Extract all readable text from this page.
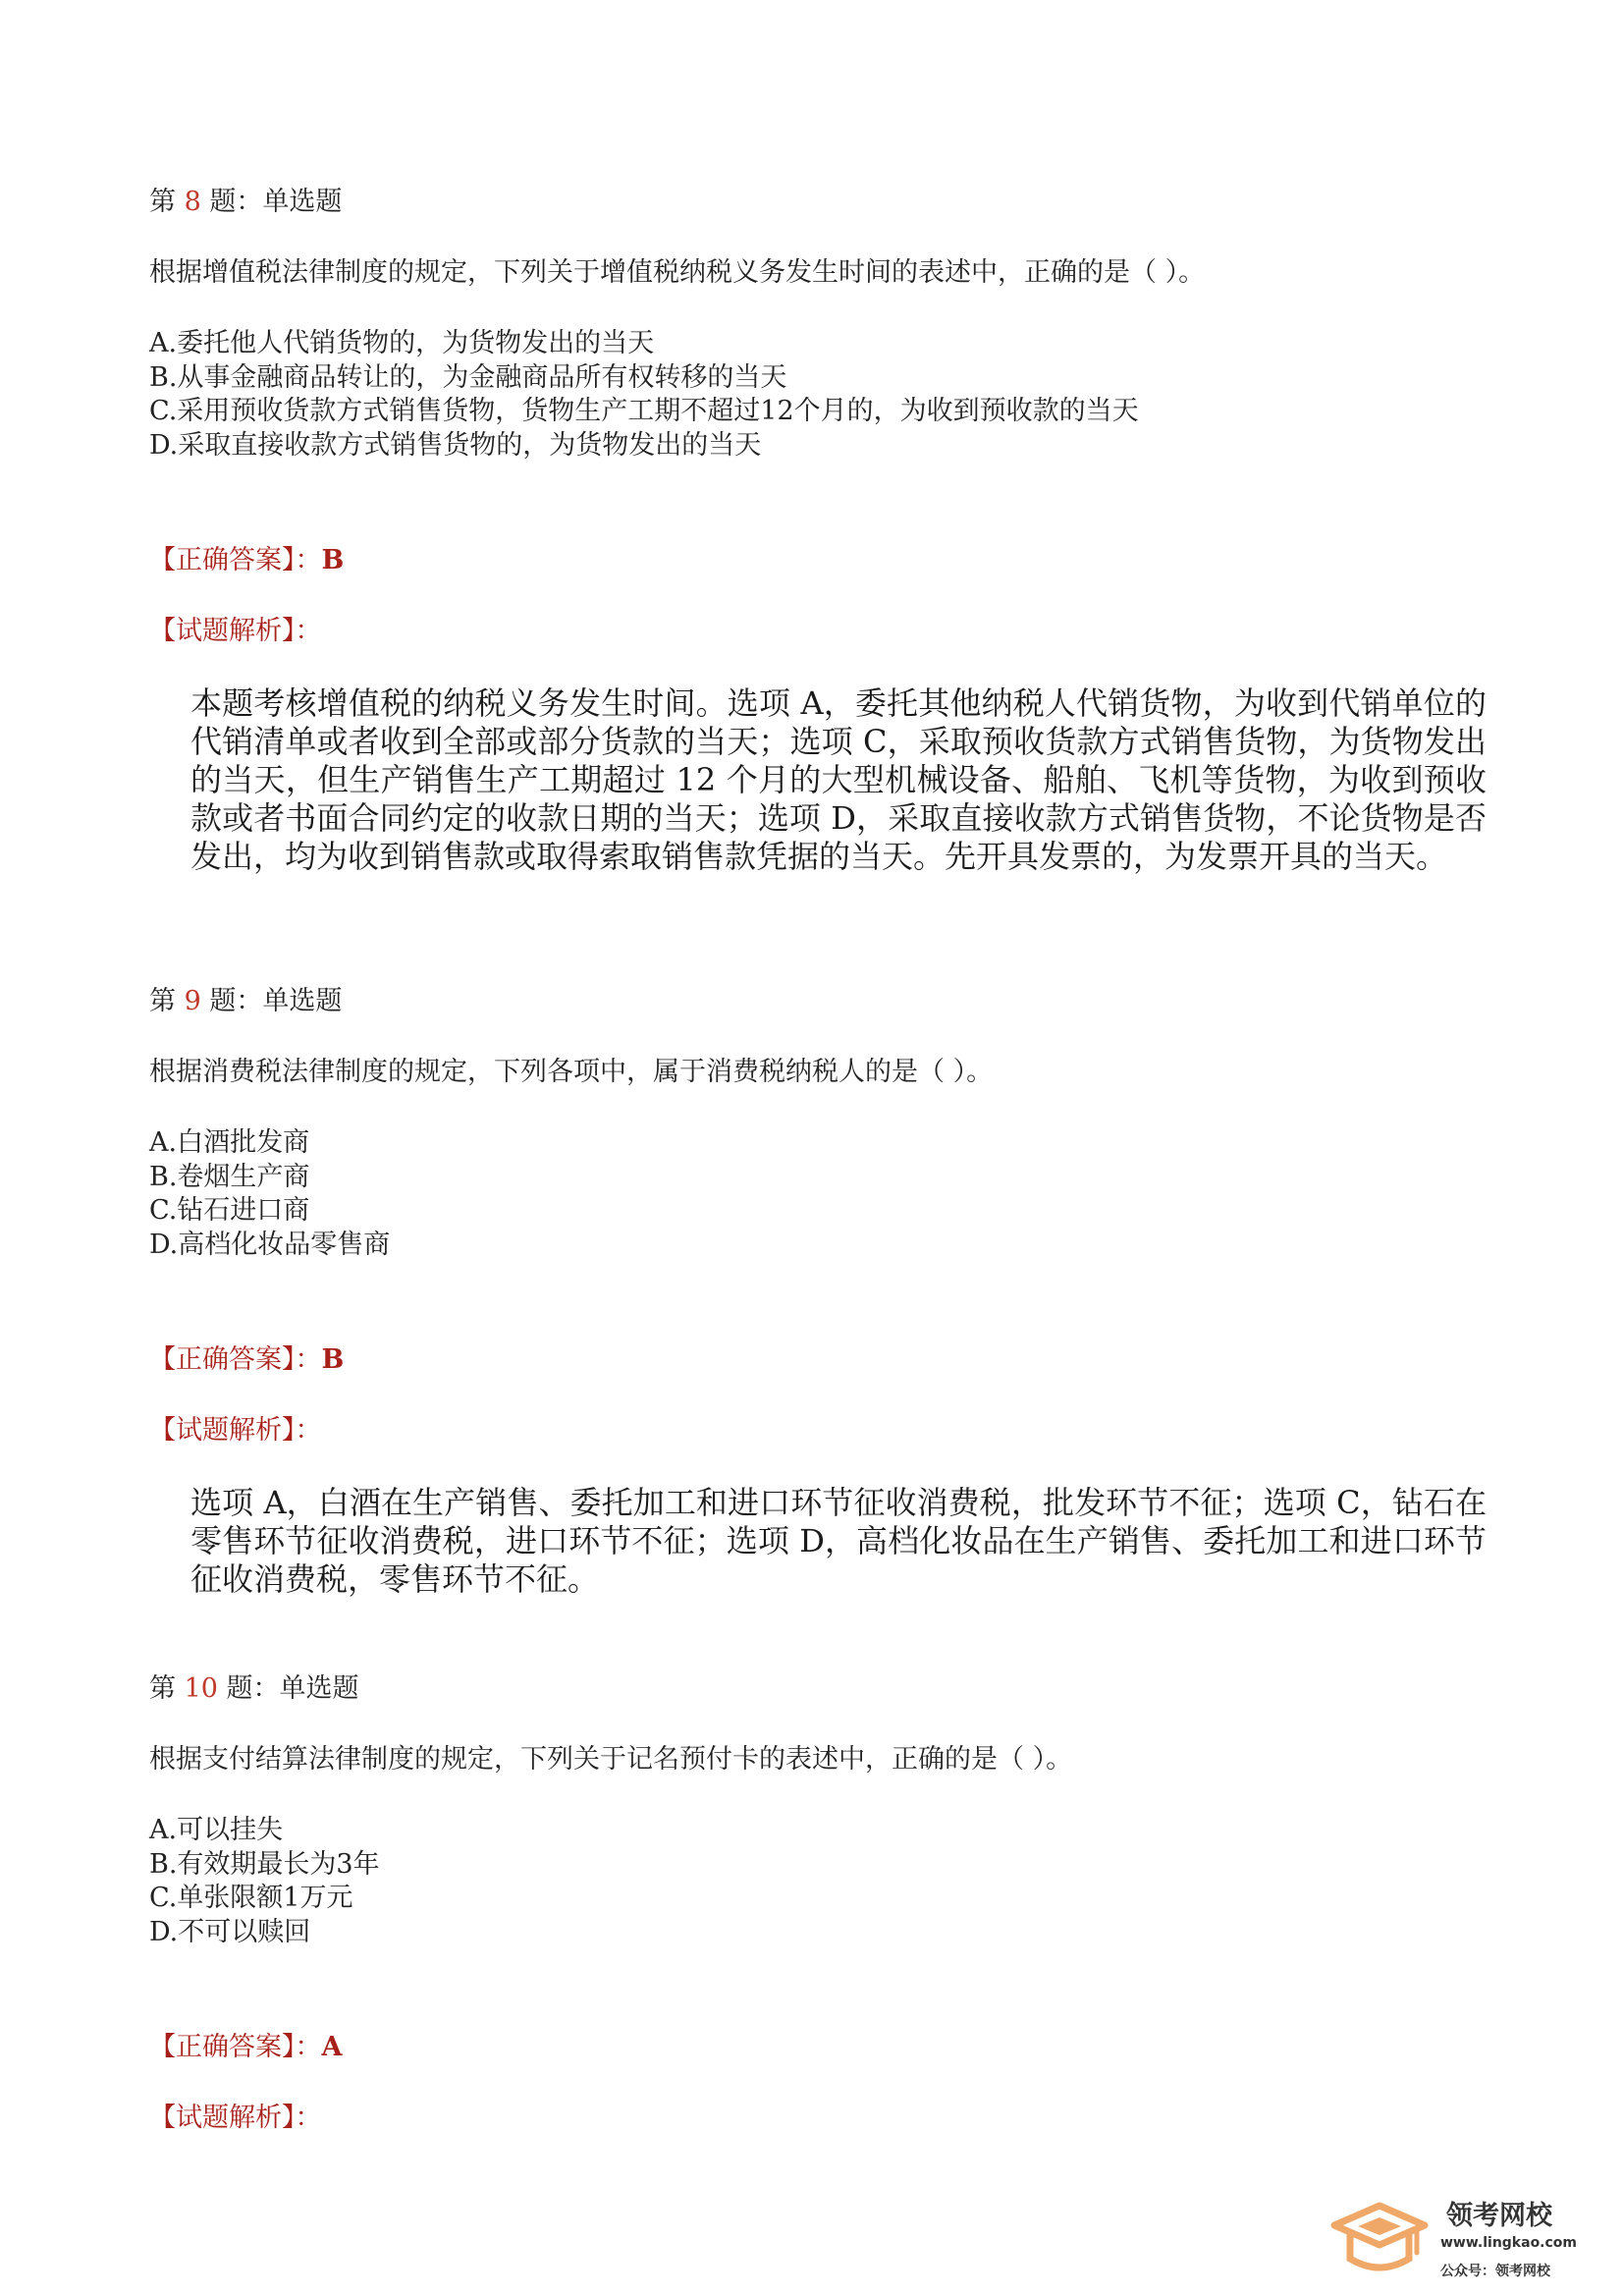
第 8 题：单选题

根据增值税法律制度的规定，下列关于增值税纳税义务发生时间的表述中，正确的是（ ）。
A.委托他人代销货物的，为货物发出的当天
B.从事金融商品转让的，为金融商品所有权转移的当天
C.采用预收货款方式销售货物，货物生产工期不超过12个月的，为收到预收款的当天
D.采取直接收款方式销售货物的，为货物发出的当天
【正确答案】：B
【试题解析】：
本题考核增值税的纳税义务发生时间。选项 A，委托其他纳税人代销货物，为收到代销单位的代销清单或者收到全部或部分货款的当天；选项 C，采取预收货款方式销售货物，为货物发出的当天，但生产销售生产工期超过 12 个月的大型机械设备、船舶、飞机等货物，为收到预收款或者书面合同约定的收款日期的当天；选项 D，采取直接收款方式销售货物，不论货物是否发出，均为收到销售款或取得索取销售款凭据的当天。先开具发票的，为发票开具的当天。

第 9 题：单选题

根据消费税法律制度的规定，下列各项中，属于消费税纳税人的是（ ）。
A.白酒批发商
B.卷烟生产商
C.钻石进口商
D.高档化妆品零售商
【正确答案】：B
【试题解析】：
选项 A，白酒在生产销售、委托加工和进口环节征收消费税，批发环节不征；选项 C，钻石在零售环节征收消费税，进口环节不征；选项 D，高档化妆品在生产销售、委托加工和进口环节征收消费税，零售环节不征。

第 10 题：单选题

根据支付结算法律制度的规定，下列关于记名预付卡的表述中，正确的是（ ）。
A.可以挂失
B.有效期最长为3年
C.单张限额1万元
D.不可以赎回
【正确答案】：A
【试题解析】：
领考网校
www.lingkao.com
公众号：领考网校
